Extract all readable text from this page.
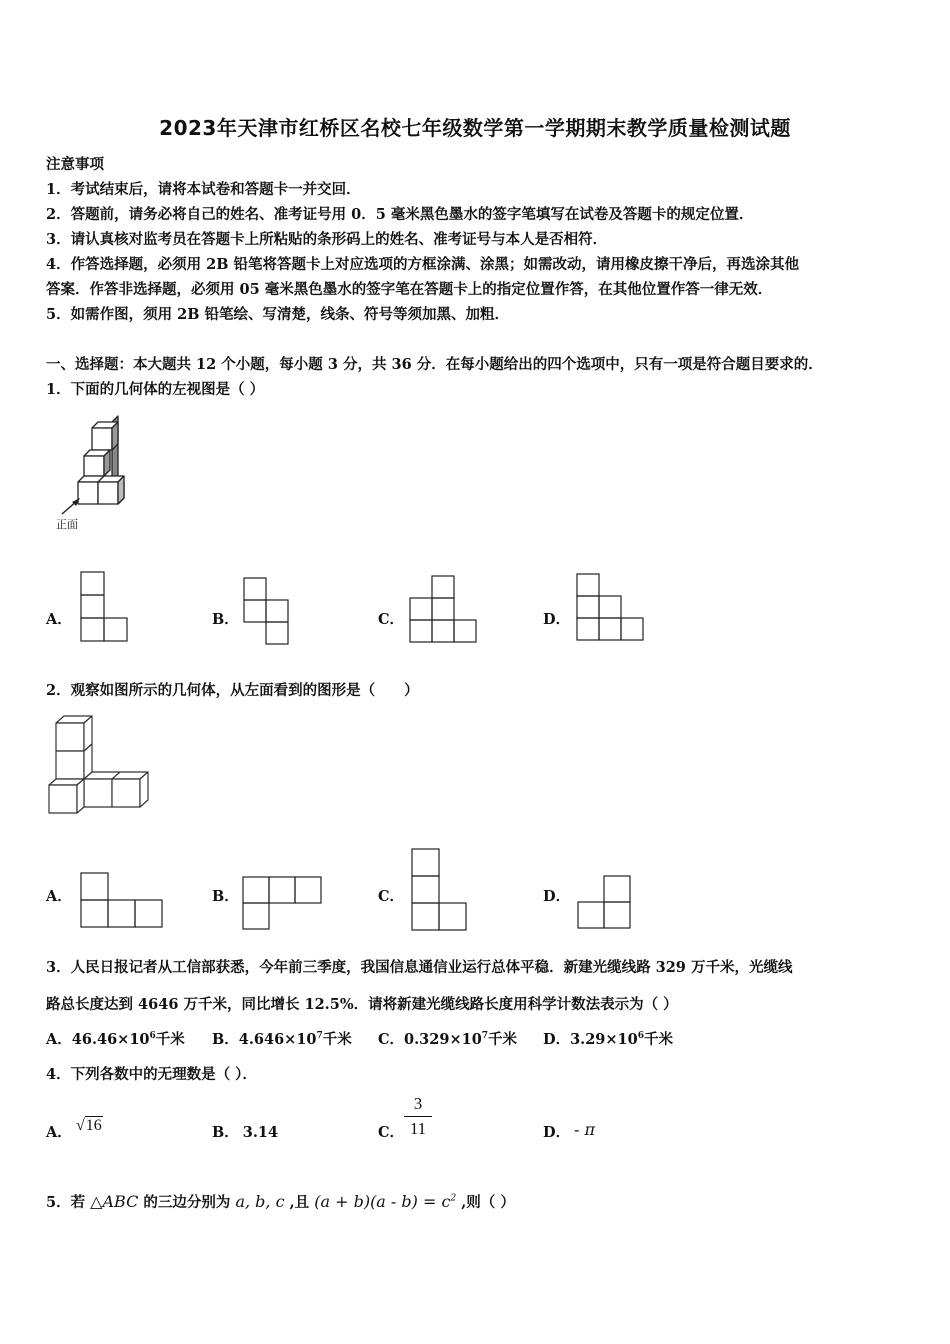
2023年天津市红桥区名校七年级数学第一学期期末教学质量检测试题
注意事项
1．考试结束后，请将本试卷和答题卡一并交回．
2．答题前，请务必将自己的姓名、准考证号用 0．5 毫米黑色墨水的签字笔填写在试卷及答题卡的规定位置．
3．请认真核对监考员在答题卡上所粘贴的条形码上的姓名、准考证号与本人是否相符．
4．作答选择题，必须用 2B 铅笔将答题卡上对应选项的方框涂满、涂黑；如需改动，请用橡皮擦干净后，再选涂其他
答案．作答非选择题，必须用 05 毫米黑色墨水的签字笔在答题卡上的指定位置作答，在其他位置作答一律无效．
5．如需作图，须用 2B 铅笔绘、写清楚，线条、符号等须加黑、加粗．
一、选择题：本大题共 12 个小题，每小题 3 分，共 36 分．在每小题给出的四个选项中，只有一项是符合题目要求的．
1．下面的几何体的左视图是（ ）
正面
A．	B．	C．	D．
2．观察如图所示的几何体，从左面看到的图形是（　　）
A．	B．	C．	D．
3．人民日报记者从工信部获悉，今年前三季度，我国信息通信业运行总体平稳．新建光缆线路 329 万千米，光缆线
路总长度达到 4646 万千米，同比增长 12.5%．请将新建光缆线路长度用科学计数法表示为（ ）
A．$46.46\times 10^6$千米 B．$4.646\times 10^7$千米 C．$0.329\times 10^7$千米 D．$3.29\times 10^6$千米
4．下列各数中的无理数是（ ）．
A． √16	B． 3.14	C．
3
11	D． - π
5．若 △ABC 的三边分别为 a, b, c ,且 $(a + b)(a - b) = c^2$ ,则（ ）
